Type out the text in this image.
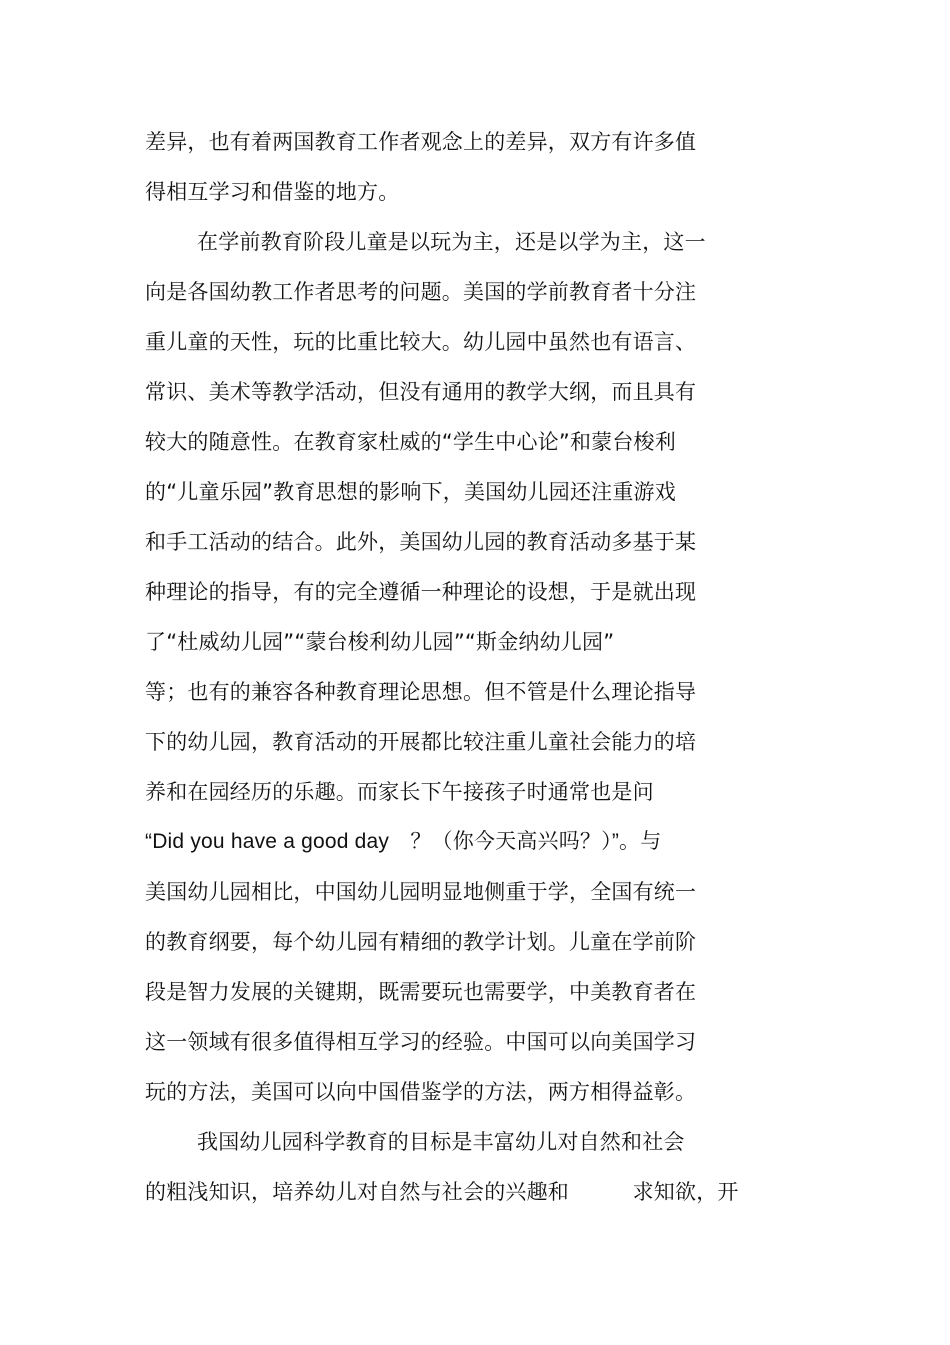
差异，也有着两国教育工作者观念上的差异，双方有许多值
得相互学习和借鉴的地方。
在学前教育阶段儿童是以玩为主，还是以学为主，这一
向是各国幼教工作者思考的问题。美国的学前教育者十分注
重儿童的天性，玩的比重比较大。幼儿园中虽然也有语言、
常识、美术等教学活动，但没有通用的教学大纲，而且具有
较大的随意性。在教育家杜威的“学生中心论”和蒙台梭利
的“儿童乐园”教育思想的影响下，美国幼儿园还注重游戏
和手工活动的结合。此外，美国幼儿园的教育活动多基于某
种理论的指导，有的完全遵循一种理论的设想，于是就出现
了“杜威幼儿园”“蒙台梭利幼儿园”“斯金纳幼儿园”
等；也有的兼容各种教育理论思想。但不管是什么理论指导
下的幼儿园，教育活动的开展都比较注重儿童社会能力的培
养和在园经历的乐趣。而家长下午接孩子时通常也是问
“Did you have a good day　？（你今天高兴吗？）”。与
美国幼儿园相比，中国幼儿园明显地侧重于学，全国有统一
的教育纲要，每个幼儿园有精细的教学计划。儿童在学前阶
段是智力发展的关键期，既需要玩也需要学，中美教育者在
这一领域有很多值得相互学习的经验。中国可以向美国学习
玩的方法，美国可以向中国借鉴学的方法，两方相得益彰。
我国幼儿园科学教育的目标是丰富幼儿对自然和社会
的粗浅知识，培养幼儿对自然与社会的兴趣和　　　求知欲，开
